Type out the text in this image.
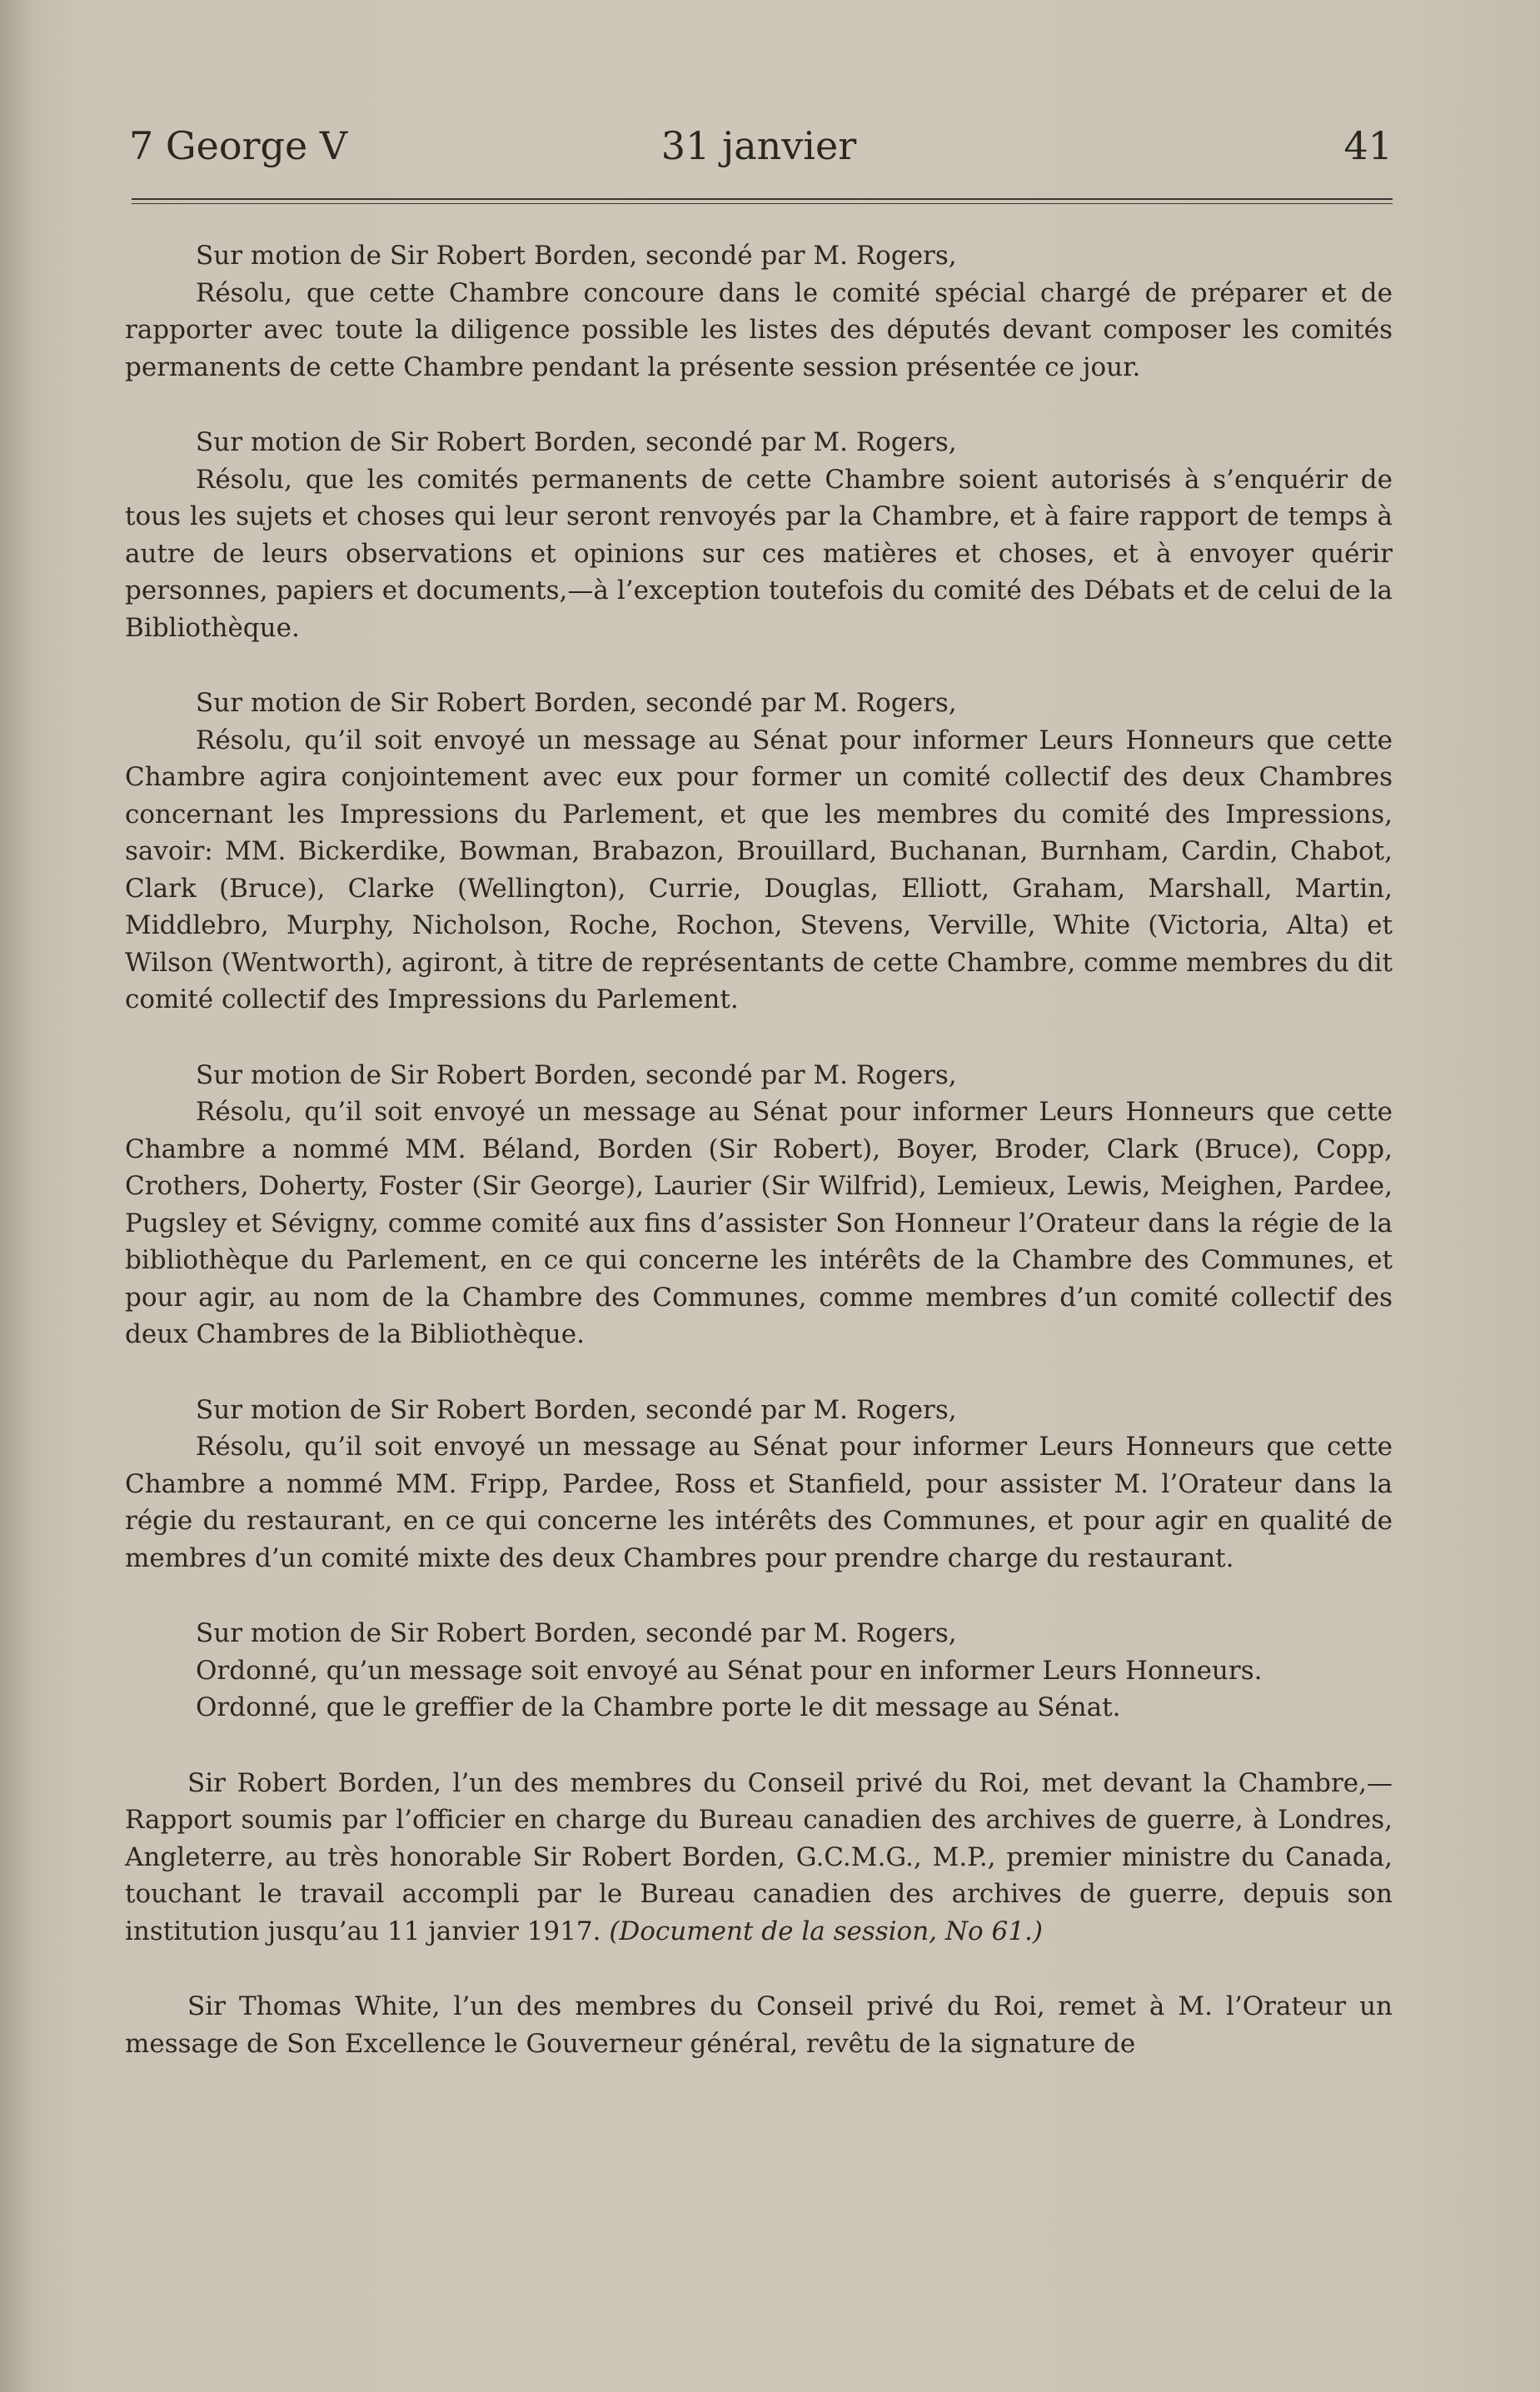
7 George V	31 janvier	41

Sur motion de Sir Robert Borden, secondé par M. Rogers,

Résolu, que cette Chambre concoure dans le comité spécial chargé de préparer et de rapporter avec toute la diligence possible les listes des députés devant composer les comités permanents de cette Chambre pendant la présente session présentée ce jour.

Sur motion de Sir Robert Borden, secondé par M. Rogers,

Résolu, que les comités permanents de cette Chambre soient autorisés à s’enquérir de tous les sujets et choses qui leur seront renvoyés par la Chambre, et à faire rapport de temps à autre de leurs observations et opinions sur ces matières et choses, et à envoyer quérir personnes, papiers et documents,—à l’exception toutefois du comité des Débats et de celui de la Bibliothèque.

Sur motion de Sir Robert Borden, secondé par M. Rogers,

Résolu, qu’il soit envoyé un message au Sénat pour informer Leurs Honneurs que cette Chambre agira conjointement avec eux pour former un comité collectif des deux Chambres concernant les Impressions du Parlement, et que les membres du comité des Impressions, savoir: MM. Bickerdike, Bowman, Brabazon, Brouillard, Buchanan, Burnham, Cardin, Chabot, Clark (Bruce), Clarke (Wellington), Currie, Douglas, Elliott, Graham, Marshall, Martin, Middlebro, Murphy, Nicholson, Roche, Rochon, Stevens, Verville, White (Victoria, Alta) et Wilson (Wentworth), agiront, à titre de représentants de cette Chambre, comme membres du dit comité collectif des Impressions du Parlement.

Sur motion de Sir Robert Borden, secondé par M. Rogers,

Résolu, qu’il soit envoyé un message au Sénat pour informer Leurs Honneurs que cette Chambre a nommé MM. Béland, Borden (Sir Robert), Boyer, Broder, Clark (Bruce), Copp, Crothers, Doherty, Foster (Sir George), Laurier (Sir Wilfrid), Lemieux, Lewis, Meighen, Pardee, Pugsley et Sévigny, comme comité aux fins d’assister Son Honneur l’Orateur dans la régie de la bibliothèque du Parlement, en ce qui concerne les intérêts de la Chambre des Communes, et pour agir, au nom de la Chambre des Communes, comme membres d’un comité collectif des deux Chambres de la Bibliothèque.

Sur motion de Sir Robert Borden, secondé par M. Rogers,

Résolu, qu’il soit envoyé un message au Sénat pour informer Leurs Honneurs que cette Chambre a nommé MM. Fripp, Pardee, Ross et Stanfield, pour assister M. l’Orateur dans la régie du restaurant, en ce qui concerne les intérêts des Communes, et pour agir en qualité de membres d’un comité mixte des deux Chambres pour prendre charge du restaurant.

Sur motion de Sir Robert Borden, secondé par M. Rogers,

Ordonné, qu’un message soit envoyé au Sénat pour en informer Leurs Honneurs.

Ordonné, que le greffier de la Chambre porte le dit message au Sénat.

Sir Robert Borden, l’un des membres du Conseil privé du Roi, met devant la Chambre,—Rapport soumis par l’officier en charge du Bureau canadien des archives de guerre, à Londres, Angleterre, au très honorable Sir Robert Borden, G.C.M.G., M.P., premier ministre du Canada, touchant le travail accompli par le Bureau canadien des archives de guerre, depuis son institution jusqu’au 11 janvier 1917. (Document de la session, No 61.)

Sir Thomas White, l’un des membres du Conseil privé du Roi, remet à M. l’Orateur un message de Son Excellence le Gouverneur général, revêtu de la signature de
